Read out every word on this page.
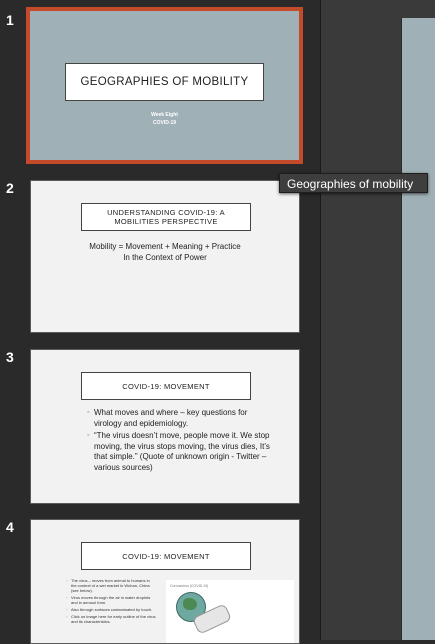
1
GEOGRAPHIES OF MOBILITY
Week Eight
COVID-19
2
UNDERSTANDING COVID-19: A MOBILITIES PERSPECTIVE
Mobility = Movement + Meaning + Practice
In the Context of Power
3
COVID-19: MOVEMENT
◦ What moves and where – key questions for virology and epidemiology.
◦ “The virus doesn’t move, people move it. We stop moving, the virus stops moving, the virus dies, It’s that simple.” (Quote of unknown origin - Twitter – various sources)
4
COVID-19: MOVEMENT
◦ The virus – moves from animal to humans in the context of a wet market in Wuhan, China (see below).
◦ Virus moves through the air in water droplets and in aerosol form.
◦ Also through surfaces contaminated by touch.
◦ Click on image here for early outline of the virus and its characteristics.
Coronavirus (COVID-19)
Geographies of mobility
